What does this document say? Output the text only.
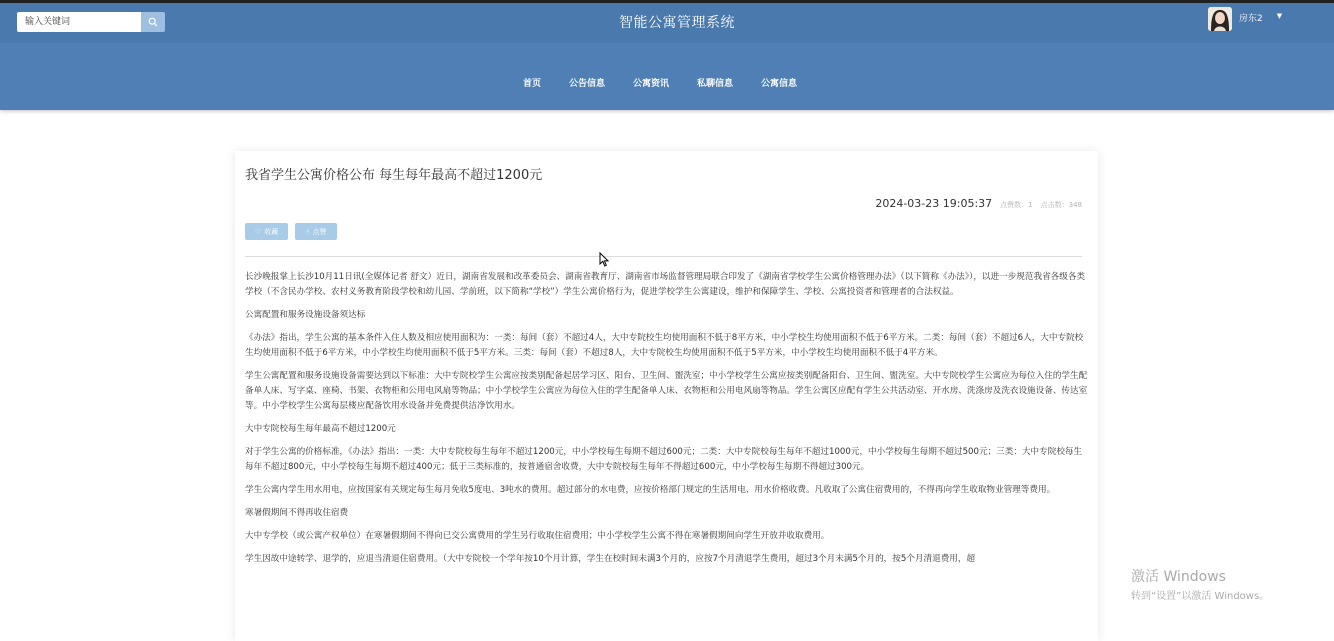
输入关键词
智能公寓管理系统	房东2 ▼
首页	公告信息	公寓资讯	私聊信息	公寓信息
我省学生公寓价格公布 每生每年最高不超过1200元
2024-03-23 19:05:37 点赞数：1 点击数：348
♡ 收藏	☝ 点赞

长沙晚报掌上长沙10月11日讯(全媒体记者 舒文）近日，湖南省发展和改革委员会、湖南省教育厅、湖南省市场监督管理局联合印发了《湖南省学校学生公寓价格管理办法》（以下简称《办法》），以进一步规范我省各级各类学校（不含民办学校、农村义务教育阶段学校和幼儿园、学前班，以下简称“学校”）学生公寓价格行为，促进学校学生公寓建设，维护和保障学生、学校、公寓投资者和管理者的合法权益。

公寓配置和服务设施设备须达标

《办法》指出，学生公寓的基本条件入住人数及相应使用面积为：一类：每间（套）不超过4人，大中专院校生均使用面积不低于8平方米，中小学校生均使用面积不低于6平方米。二类：每间（套）不超过6人，大中专院校生均使用面积不低于6平方米，中小学校生均使用面积不低于5平方米。三类：每间（套）不超过8人，大中专院校生均使用面积不低于5平方米，中小学校生均使用面积不低于4平方米。

学生公寓配置和服务设施设备需要达到以下标准：大中专院校学生公寓应按类别配备起居学习区、阳台、卫生间、盥洗室；中小学校学生公寓应按类别配备阳台、卫生间、盥洗室。大中专院校学生公寓应为每位入住的学生配备单人床、写字桌、座椅、书架、衣物柜和公用电风扇等物品；中小学校学生公寓应为每位入住的学生配备单人床、衣物柜和公用电风扇等物品。学生公寓区应配有学生公共活动室、开水房、洗涤房及洗衣设施设备、传达室等。中小学校学生公寓每层楼应配备饮用水设备并免费提供洁净饮用水。

大中专院校每生每年最高不超过1200元

对于学生公寓的价格标准，《办法》指出：一类：大中专院校每生每年不超过1200元，中小学校每生每期不超过600元；二类：大中专院校每生每年不超过1000元，中小学校每生每期不超过500元；三类：大中专院校每生每年不超过800元，中小学校每生每期不超过400元；低于三类标准的，按普通宿舍收费，大中专院校每生每年不得超过600元，中小学校每生每期不得超过300元。

学生公寓内学生用水用电，应按国家有关规定每生每月免收5度电、3吨水的费用。超过部分的水电费，应按价格部门规定的生活用电、用水价格收费。凡收取了公寓住宿费用的，不得再向学生收取物业管理等费用。

寒暑假期间不得再收住宿费

大中专学校（或公寓产权单位）在寒暑假期间不得向已交公寓费用的学生另行收取住宿费用；中小学校学生公寓不得在寒暑假期间向学生开放并收取费用。

学生因故中途转学、退学的，应退当清退住宿费用。（大中专院校一个学年按10个月计算，学生在校时间未满3个月的，应按7个月清退学生费用，超过3个月未满5个月的，按5个月清退费用，超

激活 Windows
转到“设置”以激活 Windows。
